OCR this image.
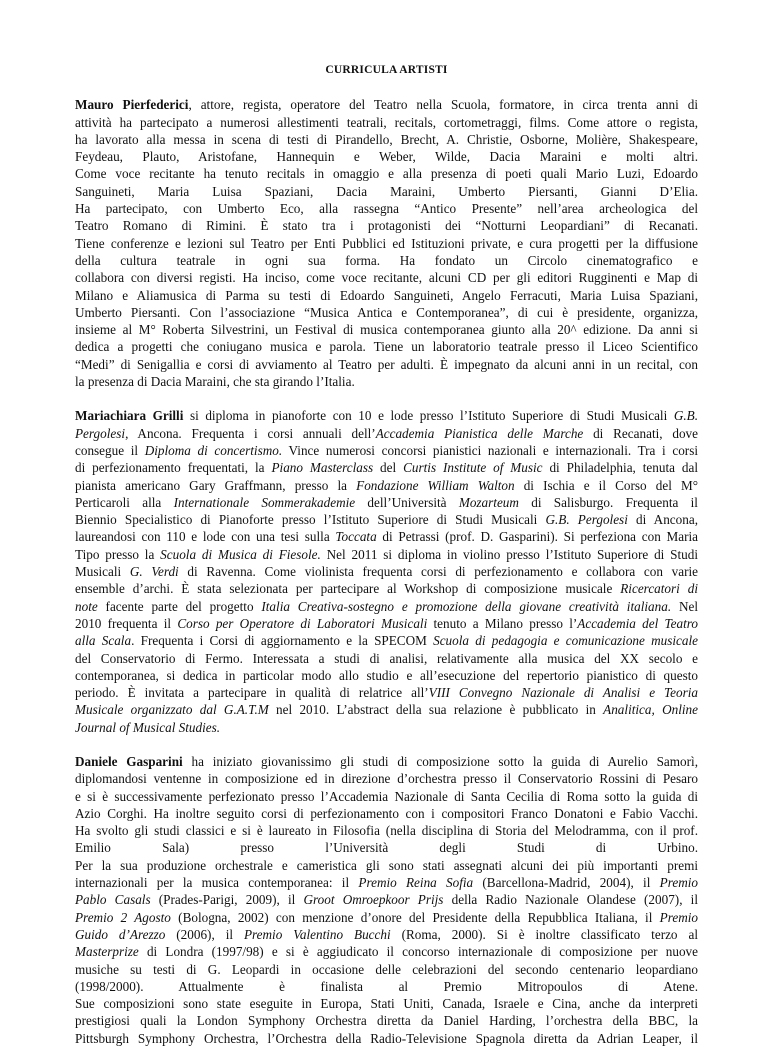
CURRICULA ARTISTI
Mauro Pierfederici, attore, regista, operatore del Teatro nella Scuola, formatore, in circa trenta anni di
attività ha partecipato a numerosi allestimenti teatrali, recitals, cortometraggi, films. Come attore o regista,
ha lavorato alla messa in scena di testi di Pirandello, Brecht, A. Christie, Osborne, Molière, Shakespeare,
Feydeau, Plauto, Aristofane, Hannequin e Weber, Wilde, Dacia Maraini e molti altri.
Come voce recitante ha tenuto recitals in omaggio e alla presenza di poeti quali Mario Luzi, Edoardo
Sanguineti, Maria Luisa Spaziani, Dacia Maraini, Umberto Piersanti, Gianni D’Elia.
Ha partecipato, con Umberto Eco, alla rassegna “Antico Presente” nell’area archeologica del
Teatro Romano di Rimini. È stato tra i protagonisti dei “Notturni Leopardiani” di Recanati.
Tiene conferenze e lezioni sul Teatro per Enti Pubblici ed Istituzioni private, e cura progetti per la diffusione
della cultura teatrale in ogni sua forma. Ha fondato un Circolo cinematografico e
collabora con diversi registi. Ha inciso, come voce recitante, alcuni CD per gli editori Rugginenti e Map di
Milano e Aliamusica di Parma su testi di Edoardo Sanguineti, Angelo Ferracuti, Maria Luisa Spaziani,
Umberto Piersanti. Con l’associazione “Musica Antica e Contemporanea”, di cui è presidente, organizza,
insieme al M° Roberta Silvestrini, un Festival di musica contemporanea giunto alla 20^ edizione. Da anni si
dedica a progetti che coniugano musica e parola. Tiene un laboratorio teatrale presso il Liceo Scientifico
“Medi” di Senigallia e corsi di avviamento al Teatro per adulti. È impegnato da alcuni anni in un recital, con
la presenza di Dacia Maraini, che sta girando l’Italia.
Mariachiara Grilli si diploma in pianoforte con 10 e lode presso l’Istituto Superiore di Studi Musicali G.B.
Pergolesi, Ancona. Frequenta i corsi annuali dell’Accademia Pianistica delle Marche di Recanati, dove
consegue il Diploma di concertismo. Vince numerosi concorsi pianistici nazionali e internazionali. Tra i corsi
di perfezionamento frequentati, la Piano Masterclass del Curtis Institute of Music di Philadelphia, tenuta dal
pianista americano Gary Graffmann, presso la Fondazione William Walton di Ischia e il Corso del M°
Perticaroli alla Internationale Sommerakademie dell’Università Mozarteum di Salisburgo. Frequenta il
Biennio Specialistico di Pianoforte presso l’Istituto Superiore di Studi Musicali G.B. Pergolesi di Ancona,
laureandosi con 110 e lode con una tesi sulla Toccata di Petrassi (prof. D. Gasparini). Si perfeziona con Maria
Tipo presso la Scuola di Musica di Fiesole. Nel 2011 si diploma in violino presso l’Istituto Superiore di Studi
Musicali G. Verdi di Ravenna. Come violinista frequenta corsi di perfezionamento e collabora con varie
ensemble d’archi. È stata selezionata per partecipare al Workshop di composizione musicale Ricercatori di
note facente parte del progetto Italia Creativa-sostegno e promozione della giovane creatività italiana. Nel
2010 frequenta il Corso per Operatore di Laboratori Musicali tenuto a Milano presso l’Accademia del Teatro
alla Scala. Frequenta i Corsi di aggiornamento e la SPECOM Scuola di pedagogia e comunicazione musicale
del Conservatorio di Fermo. Interessata a studi di analisi, relativamente alla musica del XX secolo e
contemporanea, si dedica in particolar modo allo studio e all’esecuzione del repertorio pianistico di questo
periodo. È invitata a partecipare in qualità di relatrice all’VIII Convegno Nazionale di Analisi e Teoria
Musicale organizzato dal G.A.T.M nel 2010. L’abstract della sua relazione è pubblicato in Analitica, Online
Journal of Musical Studies.
Daniele Gasparini ha iniziato giovanissimo gli studi di composizione sotto la guida di Aurelio Samorì,
diplomandosi ventenne in composizione ed in direzione d’orchestra presso il Conservatorio Rossini di Pesaro
e si è successivamente perfezionato presso l’Accademia Nazionale di Santa Cecilia di Roma sotto la guida di
Azio Corghi. Ha inoltre seguito corsi di perfezionamento con i compositori Franco Donatoni e Fabio Vacchi.
Ha svolto gli studi classici e si è laureato in Filosofia (nella disciplina di Storia del Melodramma, con il prof.
Emilio Sala) presso l’Università degli Studi di Urbino.
Per la sua produzione orchestrale e cameristica gli sono stati assegnati alcuni dei più importanti premi
internazionali per la musica contemporanea: il Premio Reina Sofia (Barcellona-Madrid, 2004), il Premio
Pablo Casals (Prades-Parigi, 2009), il Groot Omroepkoor Prijs della Radio Nazionale Olandese (2007), il
Premio 2 Agosto (Bologna, 2002) con menzione d’onore del Presidente della Repubblica Italiana, il Premio
Guido d’Arezzo (2006), il Premio Valentino Bucchi (Roma, 2000). Si è inoltre classificato terzo al
Masterprize di Londra (1997/98) e si è aggiudicato il concorso internazionale di composizione per nuove
musiche su testi di G. Leopardi in occasione delle celebrazioni del secondo centenario leopardiano
(1998/2000). Attualmente è finalista al Premio Mitropoulos di Atene.
Sue composizioni sono state eseguite in Europa, Stati Uniti, Canada, Israele e Cina, anche da interpreti
prestigiosi quali la London Symphony Orchestra diretta da Daniel Harding, l’orchestra della BBC, la
Pittsburgh Symphony Orchestra, l’Orchestra della Radio-Televisione Spagnola diretta da Adrian Leaper, il
